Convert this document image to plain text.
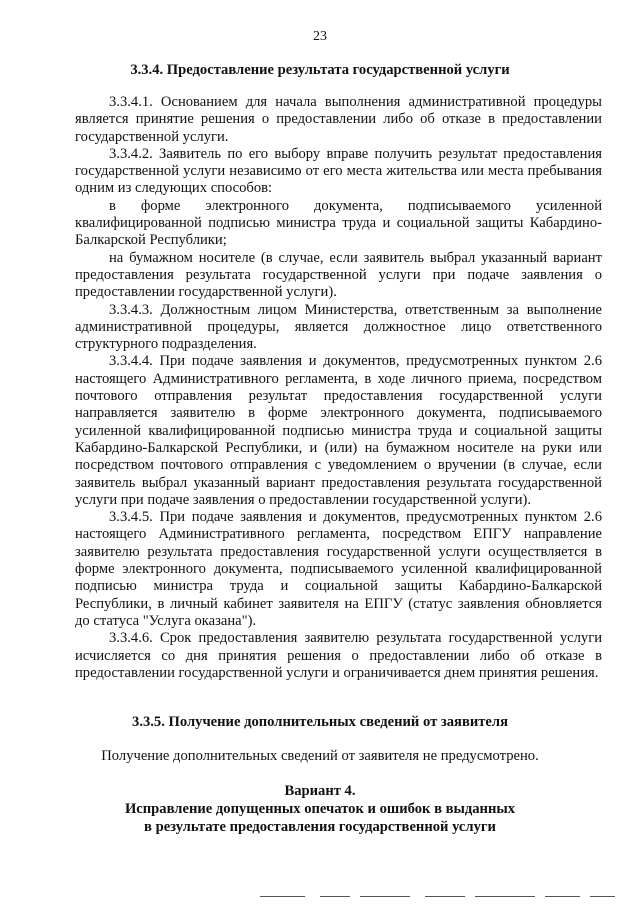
23
3.3.4. Предоставление результата государственной услуги

3.3.4.1. Основанием для начала выполнения административной процедуры является принятие решения о предоставлении либо об отказе в предоставлении государственной услуги.

3.3.4.2. Заявитель по его выбору вправе получить результат предоставления государственной услуги независимо от его места жительства или места пребывания одним из следующих способов:

в форме электронного документа, подписываемого усиленной квалифицированной подписью министра труда и социальной защиты Кабардино-Балкарской Республики;

на бумажном носителе (в случае, если заявитель выбрал указанный вариант предоставления результата государственной услуги при подаче заявления о предоставлении государственной услуги).

3.3.4.3. Должностным лицом Министерства, ответственным за выполнение административной процедуры, является должностное лицо ответственного структурного подразделения.

3.3.4.4. При подаче заявления и документов, предусмотренных пунктом 2.6 настоящего Административного регламента, в ходе личного приема, посредством почтового отправления результат предоставления государственной услуги направляется заявителю в форме электронного документа, подписываемого усиленной квалифицированной подписью министра труда и социальной защиты Кабардино-Балкарской Республики, и (или) на бумажном носителе на руки или посредством почтового отправления с уведомлением о вручении (в случае, если заявитель выбрал указанный вариант предоставления результата государственной услуги при подаче заявления о предоставлении государственной услуги).

3.3.4.5. При подаче заявления и документов, предусмотренных пунктом 2.6 настоящего Административного регламента, посредством ЕПГУ направление заявителю результата предоставления государственной услуги осуществляется в форме электронного документа, подписываемого усиленной квалифицированной подписью министра труда и социальной защиты Кабардино-Балкарской Республики, в личный кабинет заявителя на ЕПГУ (статус заявления обновляется до статуса "Услуга оказана").

3.3.4.6. Срок предоставления заявителю результата государственной услуги исчисляется со дня принятия решения о предоставлении либо об отказе в предоставлении государственной услуги и ограничивается днем принятия решения.

3.3.5. Получение дополнительных сведений от заявителя
Получение дополнительных сведений от заявителя не предусмотрено.
Вариант 4.
Исправление допущенных опечаток и ошибок в выданных
в результате предоставления государственной услуги
